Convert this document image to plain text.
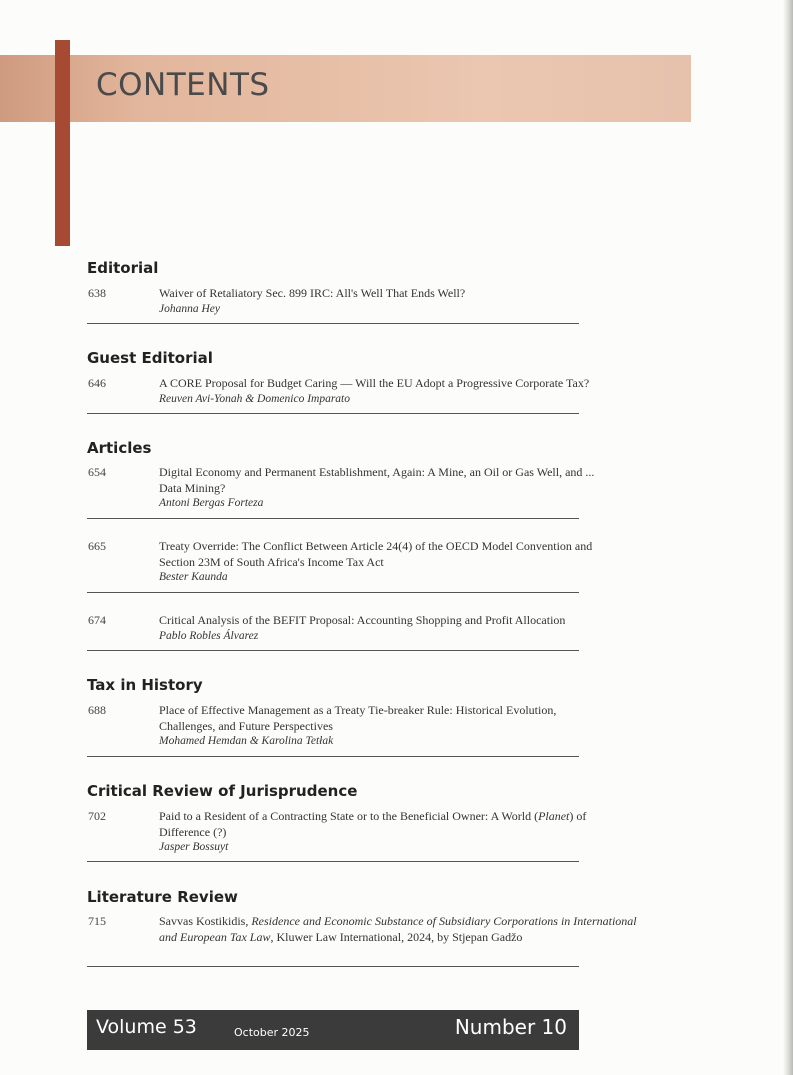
CONTENTS
Editorial
638	Waiver of Retaliatory Sec. 899 IRC: All's Well That Ends Well?
Johanna Hey
Guest Editorial
646	A CORE Proposal for Budget Caring — Will the EU Adopt a Progressive Corporate Tax?
Reuven Avi-Yonah & Domenico Imparato
Articles
654	Digital Economy and Permanent Establishment, Again: A Mine, an Oil or Gas Well, and ... Data Mining?
Antoni Bergas Forteza
665	Treaty Override: The Conflict Between Article 24(4) of the OECD Model Convention and Section 23M of South Africa's Income Tax Act
Bester Kaunda
674	Critical Analysis of the BEFIT Proposal: Accounting Shopping and Profit Allocation
Pablo Robles Álvarez
Tax in History
688	Place of Effective Management as a Treaty Tie-breaker Rule: Historical Evolution, Challenges, and Future Perspectives
Mohamed Hemdan & Karolina Tetłak
Critical Review of Jurisprudence
702	Paid to a Resident of a Contracting State or to the Beneficial Owner: A World (Planet) of Difference (?)
Jasper Bossuyt
Literature Review
715	Savvas Kostikidis, Residence and Economic Substance of Subsidiary Corporations in International and European Tax Law, Kluwer Law International, 2024, by Stjepan Gadžo
Volume 53	October 2025	Number 10
